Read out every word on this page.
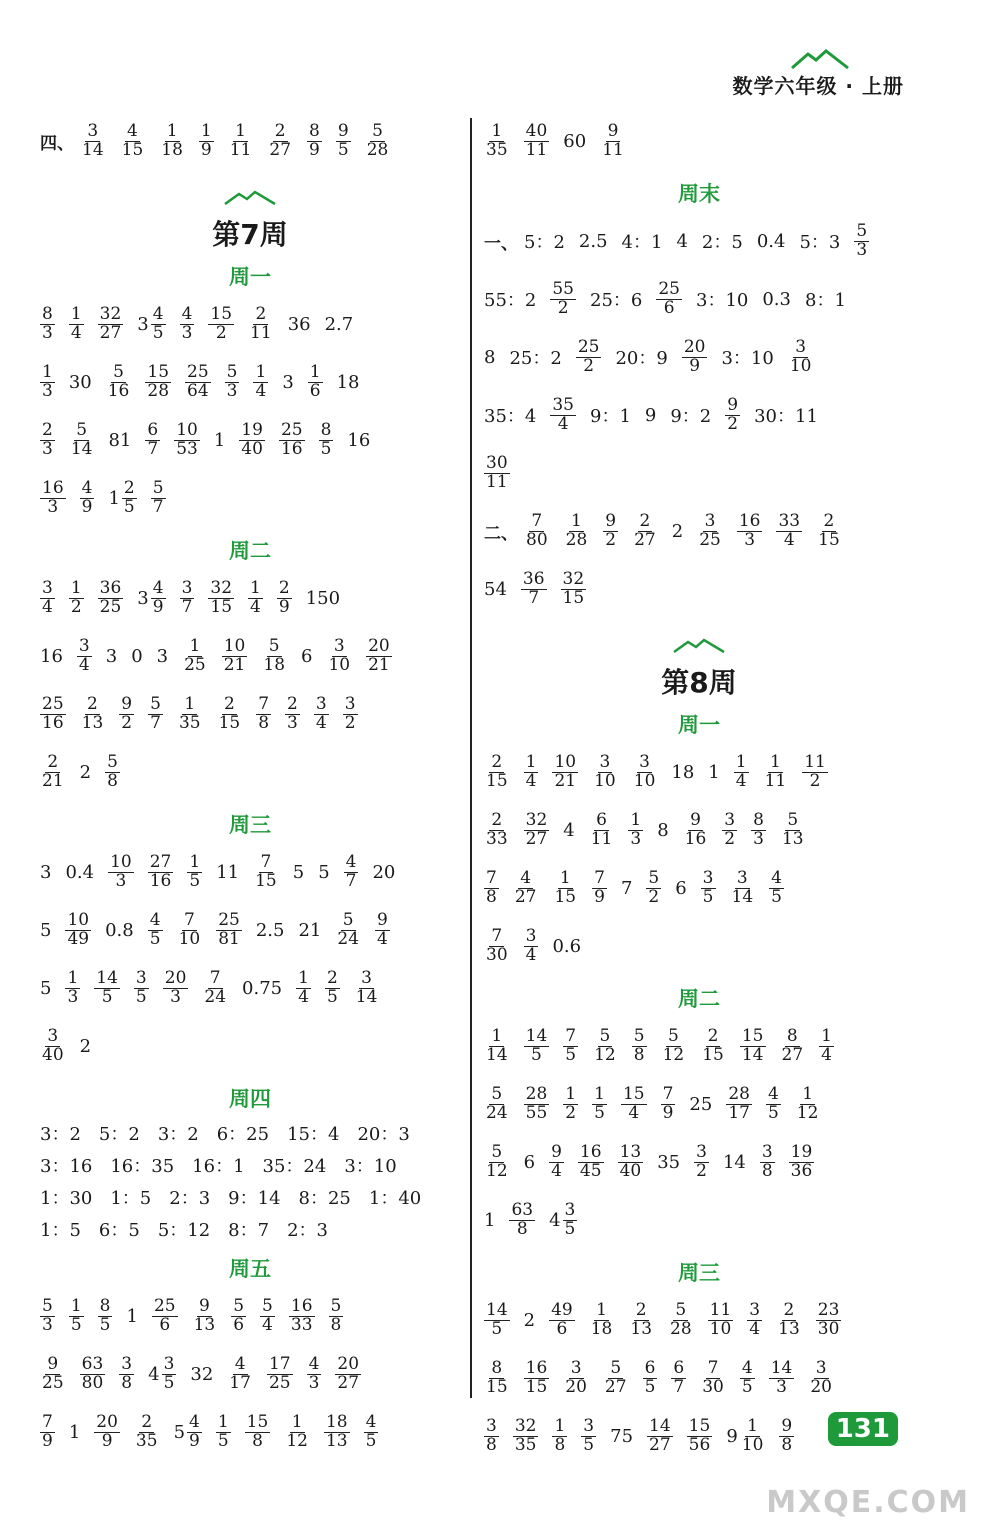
数学六年级 · 上册
四、 $\frac{3}{14} \frac{4}{15} \frac{1}{18} \frac{1}{9} \frac{1}{11} \frac{2}{27} \frac{8}{9} \frac{9}{5} \frac{5}{28}$
第7周
周一
$\frac{8}{3} \frac{1}{4} \frac{32}{27} 3 \frac{4}{5} \frac{4}{3} \frac{15}{2} \frac{2}{11} 36$ 2.7
$\frac{1}{3} 30 \frac{5}{16} \frac{15}{28} \frac{25}{64} \frac{5}{3} \frac{1}{4} 3 \frac{1}{6} 18$
$\frac{2}{3} \frac{5}{14} 81 \frac{6}{7} \frac{10}{53} 1 \frac{19}{40} \frac{25}{16} \frac{8}{5} 16$
$\frac{16}{3} \frac{4}{9} 1 \frac{2}{5} \frac{5}{7}$
周二
$\frac{3}{4} \frac{1}{2} \frac{36}{25} 3 \frac{4}{9} \frac{3}{7} \frac{32}{15} \frac{1}{4} \frac{2}{9} 150$
$16 \frac{3}{4} 3$ 0 $3 \frac{1}{25} \frac{10}{21} \frac{5}{18} 6 \frac{3}{10} \frac{20}{21}$
$\frac{25}{16} \frac{2}{13} \frac{9}{2} \frac{5}{7} \frac{1}{35} \frac{2}{15} \frac{7}{8} \frac{2}{3} \frac{3}{4} \frac{3}{2}$
$\frac{2}{21} 2 \frac{5}{8}$
周三
3 $0.4 \frac{10}{3} \frac{27}{16} \frac{1}{5} 11 \frac{7}{15} 5$ $5 \frac{4}{7} 20$
$5 \frac{10}{49} 0.8 \frac{4}{5} \frac{7}{10} \frac{25}{81} 2.5$ $21 \frac{5}{24} \frac{9}{4}$
$5 \frac{1}{3} \frac{14}{5} \frac{3}{5} \frac{20}{3} \frac{7}{24} 0.75 \frac{1}{4} \frac{2}{5} \frac{3}{14}$
$\frac{3}{40} 2$
周四
3：2 5：2 3：2 6：25 15：4 20：3
3：16 16：35 16：1 35：24 3：10
1：30 1：5 2：3 9：14 8：25 1：40
1：5 6：5 5：12 8：7 2：3
周五
$\frac{5}{3} \frac{1}{5} \frac{8}{5} 1 \frac{25}{6} \frac{9}{13} \frac{5}{6} \frac{5}{4} \frac{16}{33} \frac{5}{8}$
$\frac{9}{25} \frac{63}{80} \frac{3}{8} 4 \frac{3}{5} 32 \frac{4}{17} \frac{17}{25} \frac{4}{3} \frac{20}{27}$
$\frac{7}{9} 1 \frac{20}{9} \frac{2}{35} 5 \frac{4}{9} \frac{1}{5} \frac{15}{8} \frac{1}{12} \frac{18}{13} \frac{4}{5}$
$\frac{1}{35} \frac{40}{11} 60 \frac{9}{11}$
周末
一、 5：2 2.5 4：1 4 2：5 0.4 5：$3 \frac{5}{3}$
55：$2 \frac{55}{2} 25$：$6 \frac{25}{6} 3$：10 0.3 8：1
8 25：$2 \frac{25}{2} 20$：$9 \frac{20}{9} 3$：$10 \frac{3}{10}$
35：$4 \frac{35}{4} 9$：1 9 9：$2 \frac{9}{2} 30$：11
$\frac{30}{11}$
二、 $\frac{7}{80} \frac{1}{28} \frac{9}{2} \frac{2}{27} 2 \frac{3}{25} \frac{16}{3} \frac{33}{4} \frac{2}{15}$
$54 \frac{36}{7} \frac{32}{15}$
第8周
周一
$\frac{2}{15} \frac{1}{4} \frac{10}{21} \frac{3}{10} \frac{3}{10} 18$ $1 \frac{1}{4} \frac{1}{11} \frac{11}{2}$
$\frac{2}{33} \frac{32}{27} 4 \frac{6}{11} \frac{1}{3} 8 \frac{9}{16} \frac{3}{2} \frac{8}{3} \frac{5}{13}$
$\frac{7}{8} \frac{4}{27} \frac{1}{15} \frac{7}{9} 7 \frac{5}{2} 6 \frac{3}{5} \frac{3}{14} \frac{4}{5}$
$\frac{7}{30} \frac{3}{4} 0.6$
周二
$\frac{1}{14} \frac{14}{5} \frac{7}{5} \frac{5}{12} \frac{5}{8} \frac{5}{12} \frac{2}{15} \frac{15}{14} \frac{8}{27} \frac{1}{4}$
$\frac{5}{24} \frac{28}{55} \frac{1}{2} \frac{1}{5} \frac{15}{4} \frac{7}{9} 25 \frac{28}{17} \frac{4}{5} \frac{1}{12}$
$\frac{5}{12} 6 \frac{9}{4} \frac{16}{45} \frac{13}{40} 35 \frac{3}{2} 14 \frac{3}{8} \frac{19}{36}$
$1 \frac{63}{8} 4 \frac{3}{5}$
周三
$\frac{14}{5} 2 \frac{49}{6} \frac{1}{18} \frac{2}{13} \frac{5}{28} \frac{11}{10} \frac{3}{4} \frac{2}{13} \frac{23}{30}$
$\frac{8}{15} \frac{16}{15} \frac{3}{20} \frac{5}{27} \frac{6}{5} \frac{6}{7} \frac{7}{30} \frac{4}{5} \frac{14}{3} \frac{3}{20}$
$\frac{3}{8} \frac{32}{35} \frac{1}{8} \frac{3}{5} 75 \frac{14}{27} \frac{15}{56} 9 \frac{1}{10} \frac{9}{8}$	131
MXQE.COM
